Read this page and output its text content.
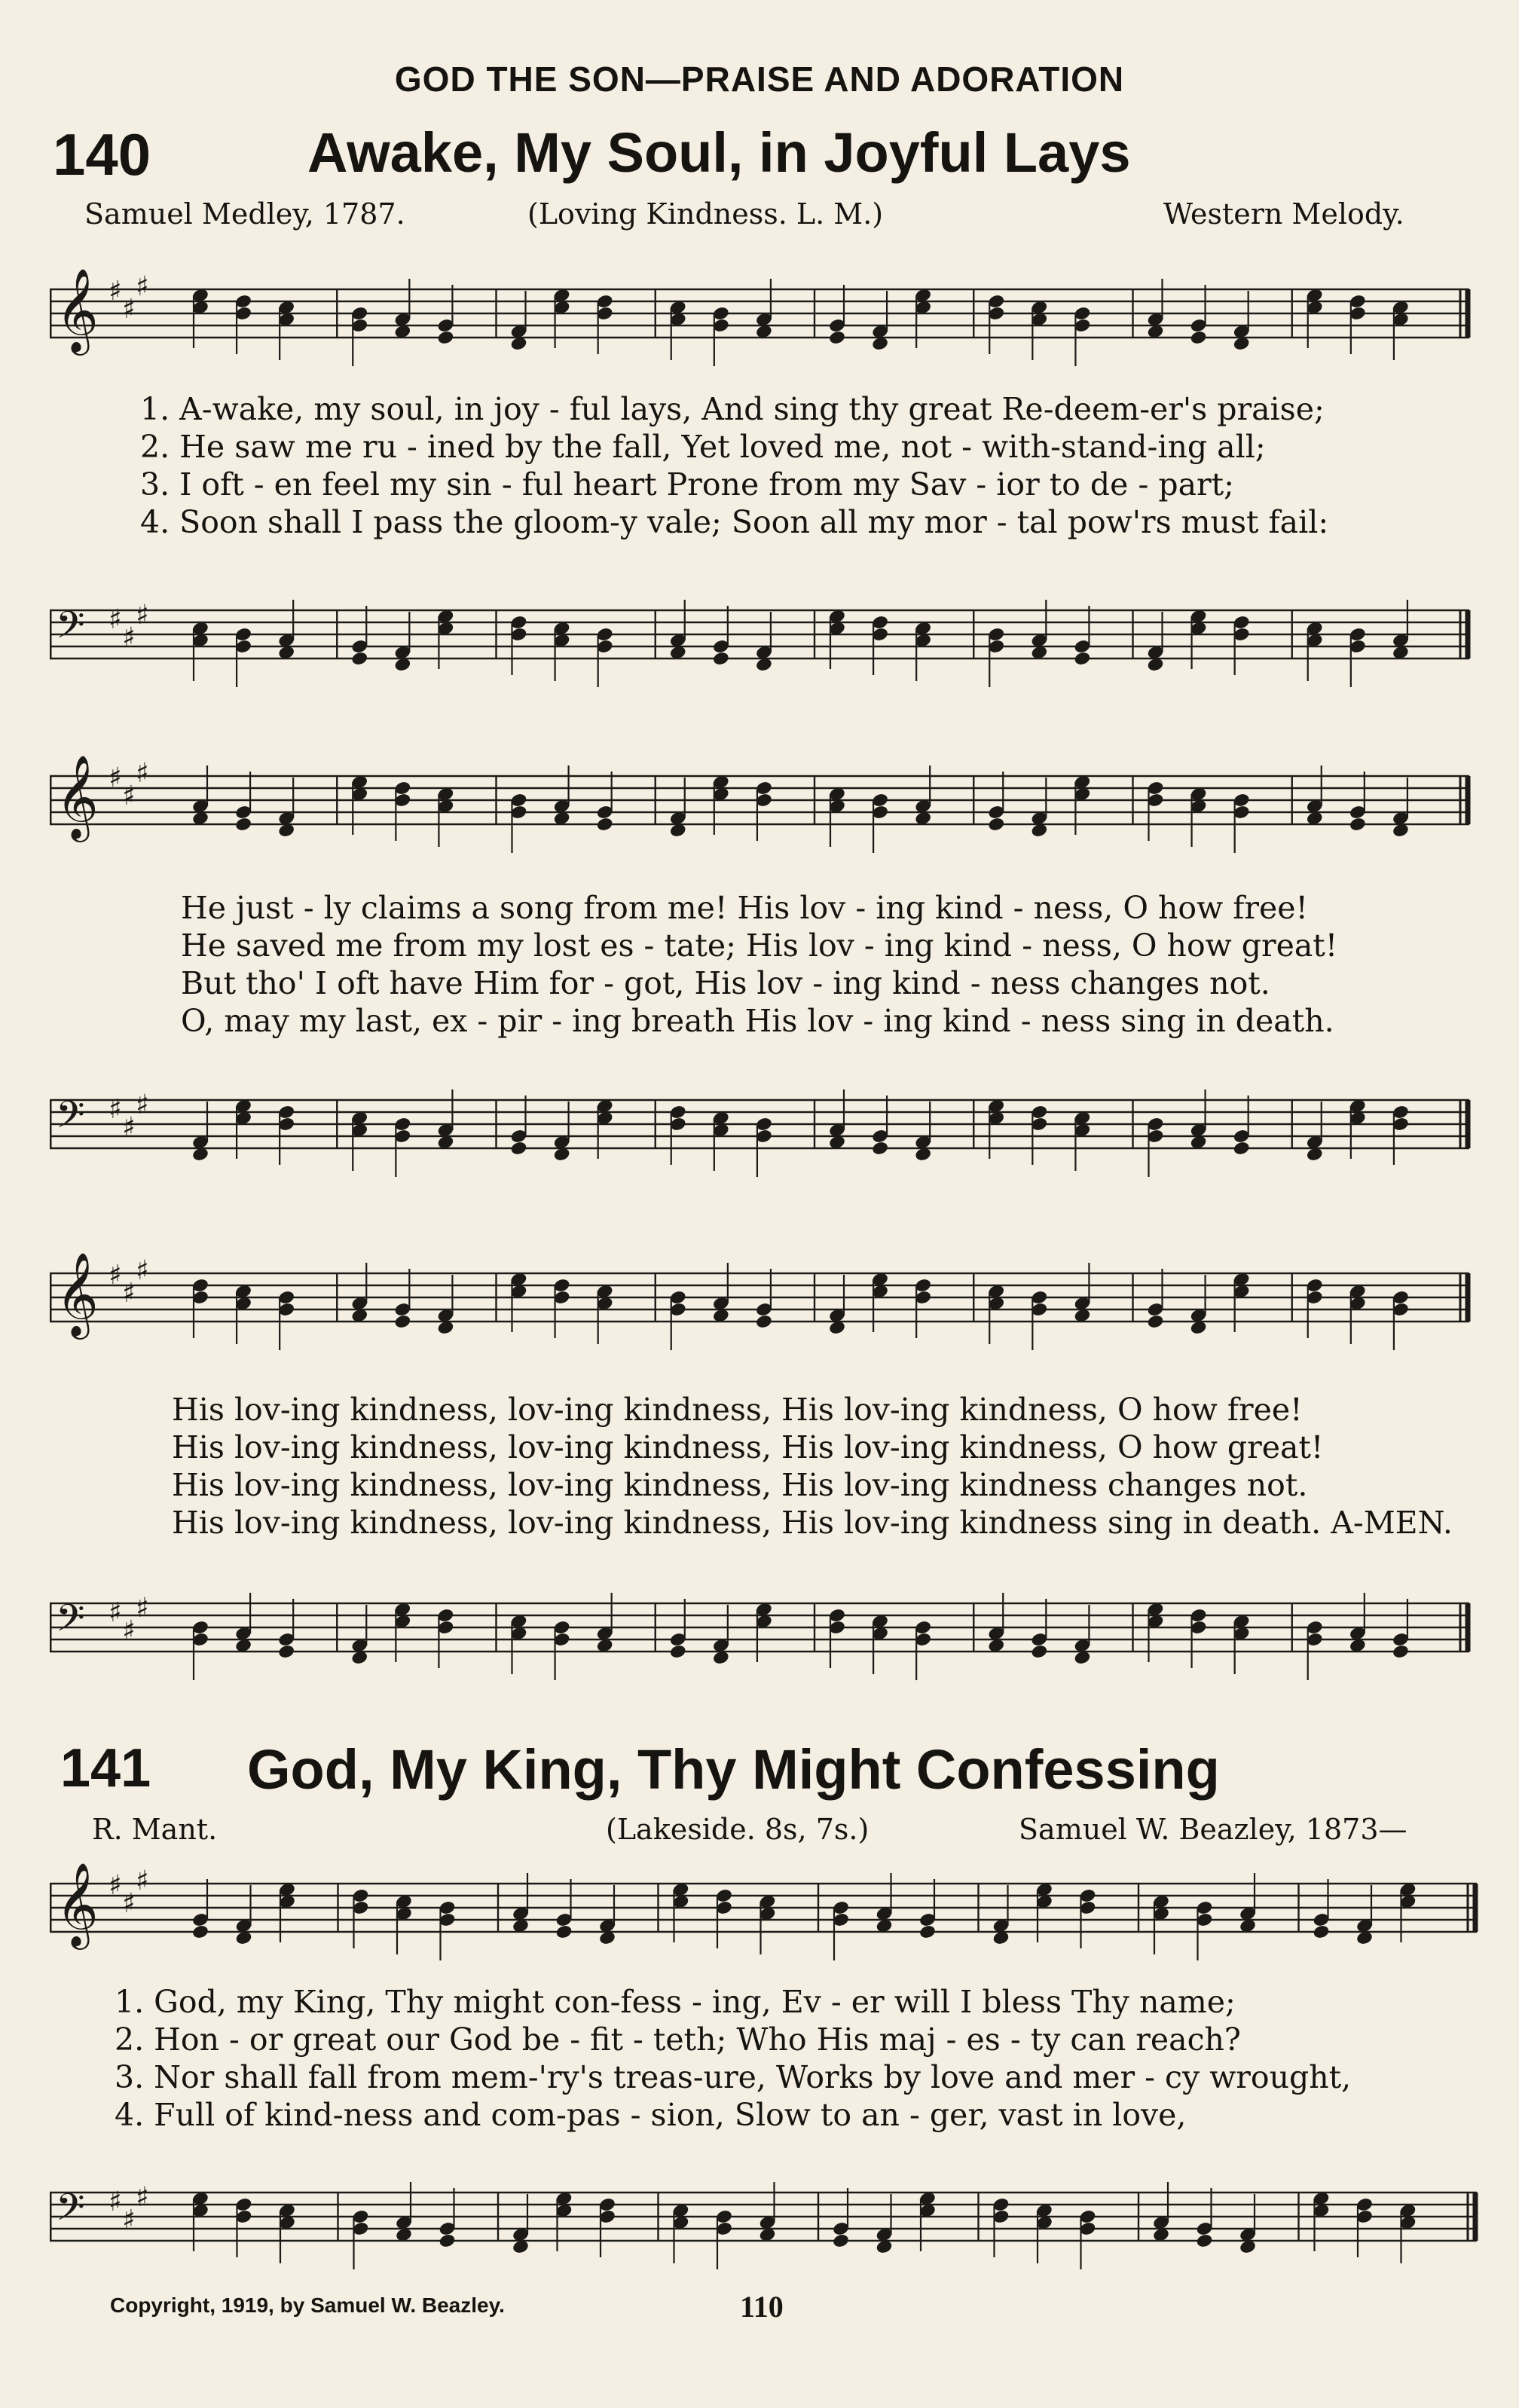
GOD THE SON—PRAISE AND ADORATION
140	Awake, My Soul, in Joyful Lays
Samuel Medley, 1787.	(Loving Kindness. L. M.)	Western Melody.
𝄞 ♯
♯
♯
1. A-wake, my soul, in joy - ful lays, And sing thy great Re-deem-er's praise;
2. He saw me ru - ined by the fall, Yet loved me, not - with-stand-ing all;
3. I oft - en feel my sin - ful heart Prone from my Sav - ior to de - part;
4. Soon shall I pass the gloom-y vale; Soon all my mor - tal pow'rs must fail:
𝄢 ♯
♯
♯
𝄞 ♯
♯
♯
He just - ly claims a song from me! His lov - ing kind - ness, O how free!
He saved me from my lost es - tate; His lov - ing kind - ness, O how great!
But tho' I oft have Him for - got, His lov - ing kind - ness changes not.
O, may my last, ex - pir - ing breath His lov - ing kind - ness sing in death.
𝄢 ♯
♯
♯
𝄞 ♯
♯
♯
His lov-ing kindness, lov-ing kindness, His lov-ing kindness, O how free!
His lov-ing kindness, lov-ing kindness, His lov-ing kindness, O how great!
His lov-ing kindness, lov-ing kindness, His lov-ing kindness changes not.
His lov-ing kindness, lov-ing kindness, His lov-ing kindness sing in death. A-MEN.
𝄢 ♯
♯
♯
141 God, My King, Thy Might Confessing
R. Mant.	(Lakeside. 8s, 7s.)	Samuel W. Beazley, 1873—
𝄞 ♯
♯
♯
1. God, my King, Thy might con-fess - ing, Ev - er will I bless Thy name;
2. Hon - or great our God be - fit - teth; Who His maj - es - ty can reach?
3. Nor shall fall from mem-'ry's treas-ure, Works by love and mer - cy wrought,
4. Full of kind-ness and com-pas - sion, Slow to an - ger, vast in love,
𝄢 ♯
♯
♯
Copyright, 1919, by Samuel W. Beazley.	110
